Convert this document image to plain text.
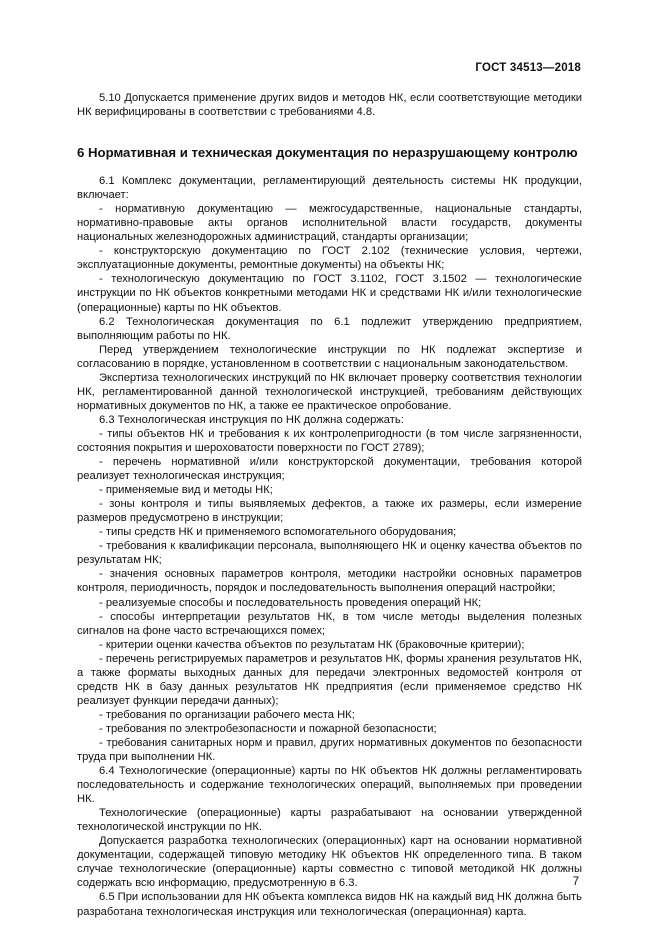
ГОСТ 34513—2018

5.10 Допускается применение других видов и методов НК, если соответствующие методики НК верифицированы в соответствии с требованиями 4.8.

6 Нормативная и техническая документация по неразрушающему контролю

6.1 Комплекс документации, регламентирующий деятельность системы НК продукции, включает:

- нормативную документацию — межгосударственные, национальные стандарты, нормативно-правовые акты органов исполнительной власти государств, документы национальных железнодорожных администраций, стандарты организации;

- конструкторскую документацию по ГОСТ 2.102 (технические условия, чертежи, эксплуатационные документы, ремонтные документы) на объекты НК;

- технологическую документацию по ГОСТ 3.1102, ГОСТ 3.1502 — технологические инструкции по НК объектов конкретными методами НК и средствами НК и/или технологические (операционные) карты по НК объектов.

6.2 Технологическая документация по 6.1 подлежит утверждению предприятием, выполняющим работы по НК.

Перед утверждением технологические инструкции по НК подлежат экспертизе и согласованию в порядке, установленном в соответствии с национальным законодательством.

Экспертиза технологических инструкций по НК включает проверку соответствия технологии НК, регламентированной данной технологической инструкцией, требованиям действующих нормативных документов по НК, а также ее практическое опробование.

6.3 Технологическая инструкция по НК должна содержать:

- типы объектов НК и требования к их контролепригодности (в том числе загрязненности, состояния покрытия и шероховатости поверхности по ГОСТ 2789);

- перечень нормативной и/или конструкторской документации, требования которой реализует технологическая инструкция;

- применяемые вид и методы НК;

- зоны контроля и типы выявляемых дефектов, а также их размеры, если измерение размеров предусмотрено в инструкции;

- типы средств НК и применяемого вспомогательного оборудования;

- требования к квалификации персонала, выполняющего НК и оценку качества объектов по результатам НК;

- значения основных параметров контроля, методики настройки основных параметров контроля, периодичность, порядок и последовательность выполнения операций настройки;

- реализуемые способы и последовательность проведения операций НК;

- способы интерпретации результатов НК, в том числе методы выделения полезных сигналов на фоне часто встречающихся помех;

- критерии оценки качества объектов по результатам НК (браковочные критерии);

- перечень регистрируемых параметров и результатов НК, формы хранения результатов НК, а также форматы выходных данных для передачи электронных ведомостей контроля от средств НК в базу данных результатов НК предприятия (если применяемое средство НК реализует функции передачи данных);

- требования по организации рабочего места НК;

- требования по электробезопасности и пожарной безопасности;

- требования санитарных норм и правил, других нормативных документов по безопасности труда при выполнении НК.

6.4 Технологические (операционные) карты по НК объектов НК должны регламентировать последовательность и содержание технологических операций, выполняемых при проведении НК.

Технологические (операционные) карты разрабатывают на основании утвержденной технологической инструкции по НК.

Допускается разработка технологических (операционных) карт на основании нормативной документации, содержащей типовую методику НК объектов НК определенного типа. В таком случае технологические (операционные) карты совместно с типовой методикой НК должны содержать всю информацию, предусмотренную в 6.3.

6.5 При использовании для НК объекта комплекса видов НК на каждый вид НК должна быть разработана технологическая инструкция или технологическая (операционная) карта.

7
